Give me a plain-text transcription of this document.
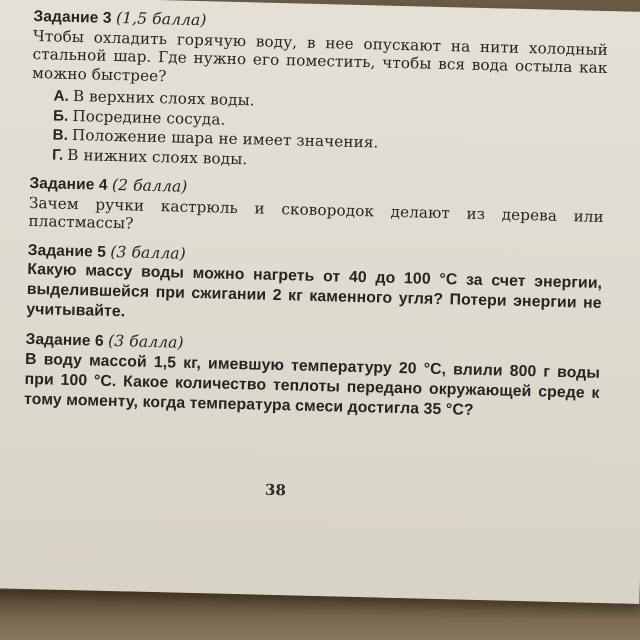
Задание 3 (1,5 балла)
Чтобы охладить горячую воду, в нее опускают на нити холодный стальной шар. Где нужно его поместить, чтобы вся вода остыла как можно быстрее?
А. В верхних слоях воды.
Б. Посредине сосуда.
В. Положение шара не имеет значения.
Г. В нижних слоях воды.
Задание 4 (2 балла)
Зачем ручки кастрюль и сковородок делают из дерева или пластмассы?
Задание 5 (3 балла)
Какую массу воды можно нагреть от 40 до 100 °C за счет энергии, выделившейся при сжигании 2 кг каменного угля? Потери энергии не учитывайте.
Задание 6 (3 балла)
В воду массой 1,5 кг, имевшую температуру 20 °C, влили 800 г воды при 100 °C. Какое количество теплоты передано окружающей среде к тому моменту, когда температура смеси достигла 35 °C?
38
